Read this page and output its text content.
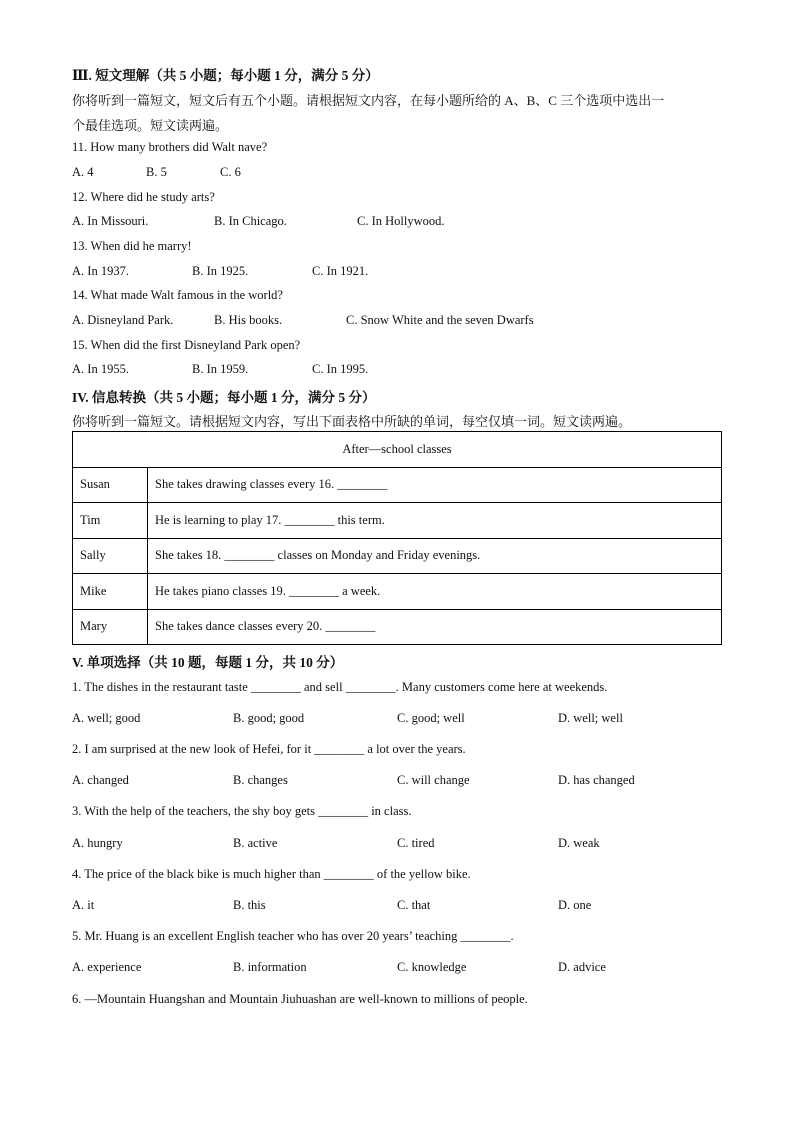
Ⅲ. 短文理解（共 5 小题；每小题 1 分，满分 5 分）
你将听到一篇短文，短文后有五个小题。请根据短文内容，在每小题所给的 A、B、C 三个选项中选出一
个最佳选项。短文读两遍。
11. How many brothers did Walt nave?
A. 4	B. 5	C. 6
12. Where did he study arts?
A. In Missouri.	B. In Chicago.	C. In Hollywood.
13. When did he marry!
A. In 1937.	B. In 1925.	C. In 1921.
14. What made Walt famous in the world?
A. Disneyland Park.	B. His books.	C. Snow White and the seven Dwarfs
15. When did the first Disneyland Park open?
A. In 1955.	B. In 1959.	C. In 1995.
IV. 信息转换（共 5 小题；每小题 1 分，满分 5 分）
你将听到一篇短文。请根据短文内容，写出下面表格中所缺的单词，每空仅填一词。短文读两遍。
After—school classes	
Susan	She takes drawing classes every 16. ________
Tim	He is learning to play 17. ________ this term.
Sally	She takes 18. ________ classes on Monday and Friday evenings.
Mike	He takes piano classes 19. ________ a week.
Mary	She takes dance classes every 20. ________
V. 单项选择（共 10 题，每题 1 分，共 10 分）
1. The dishes in the restaurant taste ________ and sell ________. Many customers come here at weekends.
A. well; good	B. good; good	C. good; well	D. well; well
2. I am surprised at the new look of Hefei, for it ________ a lot over the years.
A. changed	B. changes	C. will change	D. has changed
3. With the help of the teachers, the shy boy gets ________ in class.
A. hungry	B. active	C. tired	D. weak
4. The price of the black bike is much higher than ________ of the yellow bike.
A. it	B. this	C. that	D. one
5. Mr. Huang is an excellent English teacher who has over 20 years’ teaching ________.
A. experience	B. information	C. knowledge	D. advice
6. —Mountain Huangshan and Mountain Jiuhuashan are well-known to millions of people.
